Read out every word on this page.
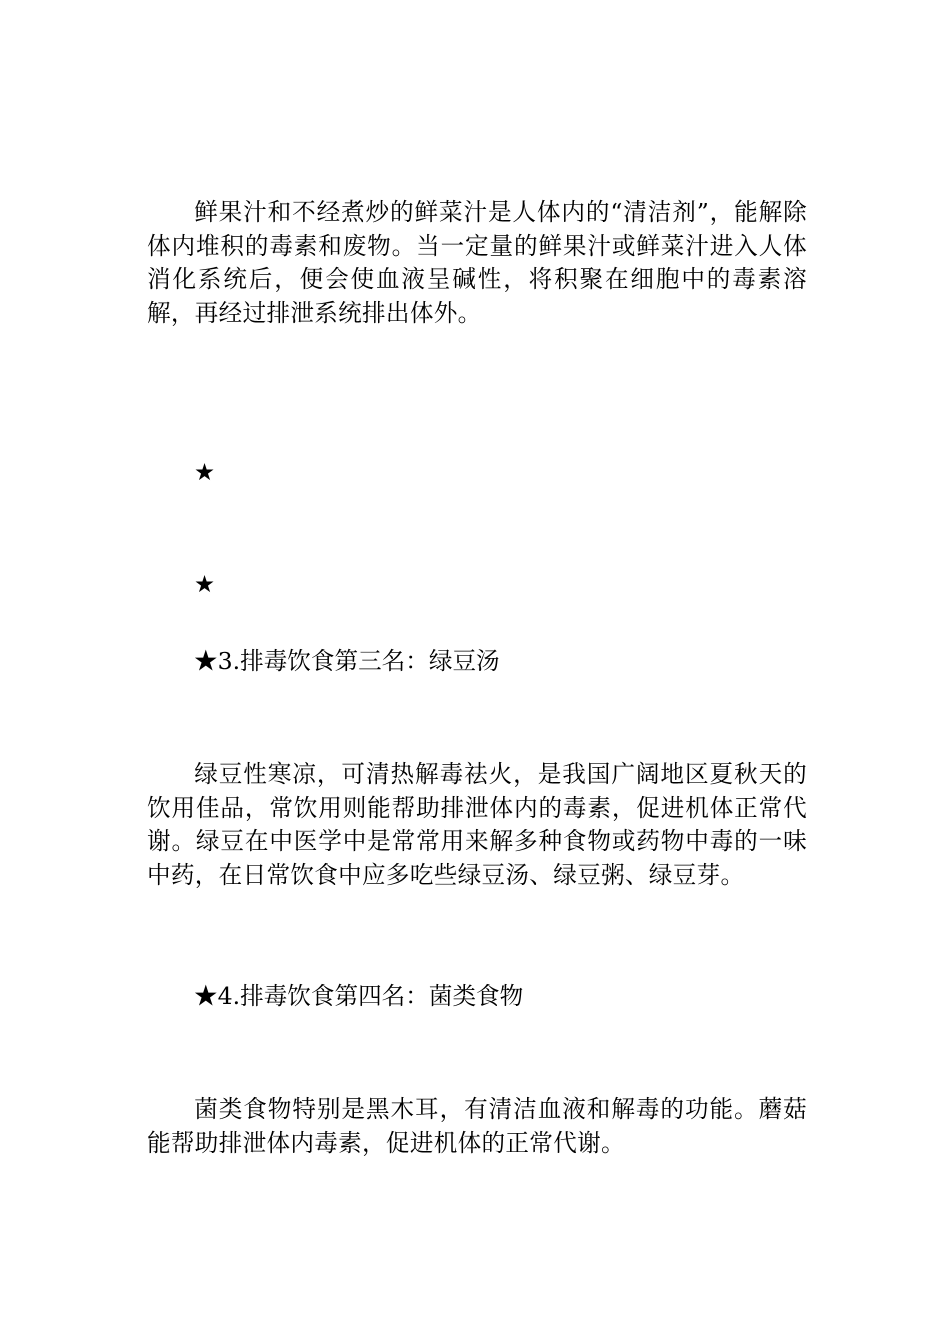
鲜果汁和不经煮炒的鲜菜汁是人体内的“清洁剂”，能解除体内堆积的毒素和废物。当一定量的鲜果汁或鲜菜汁进入人体消化系统后，便会使血液呈碱性，将积聚在细胞中的毒素溶解，再经过排泄系统排出体外。

★

★

★3.排毒饮食第三名：绿豆汤

绿豆性寒凉，可清热解毒祛火，是我国广阔地区夏秋天的饮用佳品，常饮用则能帮助排泄体内的毒素，促进机体正常代谢。绿豆在中医学中是常常用来解多种食物或药物中毒的一味中药，在日常饮食中应多吃些绿豆汤、绿豆粥、绿豆芽。

★4.排毒饮食第四名：菌类食物

菌类食物特别是黑木耳，有清洁血液和解毒的功能。蘑菇能帮助排泄体内毒素，促进机体的正常代谢。
